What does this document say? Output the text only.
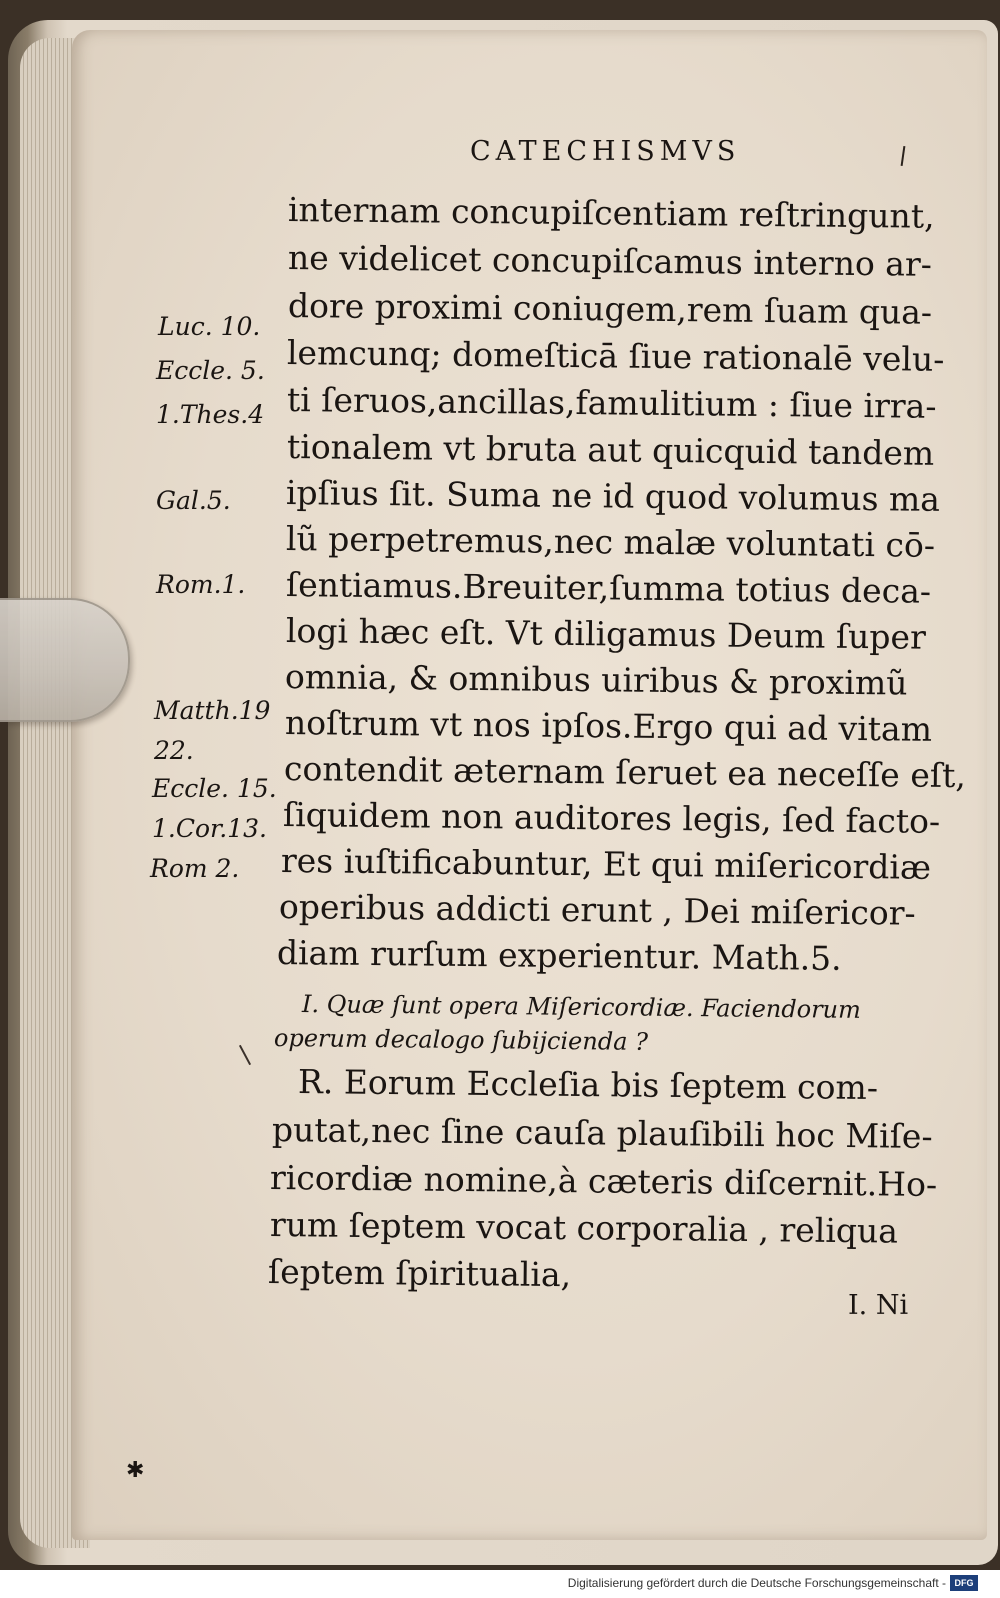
CATECHISMVS
Luc. 10.
Eccle. 5.
1.Thes.4
Gal.5.
Rom.1.
Matth.19
22.
Eccle. 15.
1.Cor.13.
Rom 2.
internam concupiſcentiam reſtringunt,
ne videlicet concupiſcamus interno ar-
dore proximi coniugem,rem ſuam qua-
lemcunq; domeſticā ſiue rationalē velu-
ti ſeruos,ancillas,famulitium : ſiue irra-
tionalem vt bruta aut quicquid tandem
ipſius ſit. Suma ne id quod volumus ma
lũ perpetremus,nec malæ voluntati cō-
ſentiamus.Breuiter,ſumma totius deca-
logi hæc eſt. Vt diligamus Deum ſuper
omnia, & omnibus uiribus & proximũ
noſtrum vt nos ipſos.Ergo qui ad vitam
contendit æternam ſeruet ea neceſſe eſt,
ſiquidem non auditores legis, ſed facto-
res iuſtificabuntur, Et qui miſericordiæ
operibus addicti erunt , Dei miſericor-
diam rurſum experientur. Math.5.
I. Quæ ſunt opera Miſericordiæ. Faciendorum
operum decalogo ſubijcienda ?
R. Eorum Eccleſia bis ſeptem com-
putat,nec ſine cauſa plauſibili hoc Miſe-
ricordiæ nomine,à cæteris diſcernit.Ho-
rum ſeptem vocat corporalia , reliqua
ſeptem ſpiritualia,
I. Ni
✱
Digitalisierung gefördert durch die Deutsche Forschungsgemeinschaft - DFG
